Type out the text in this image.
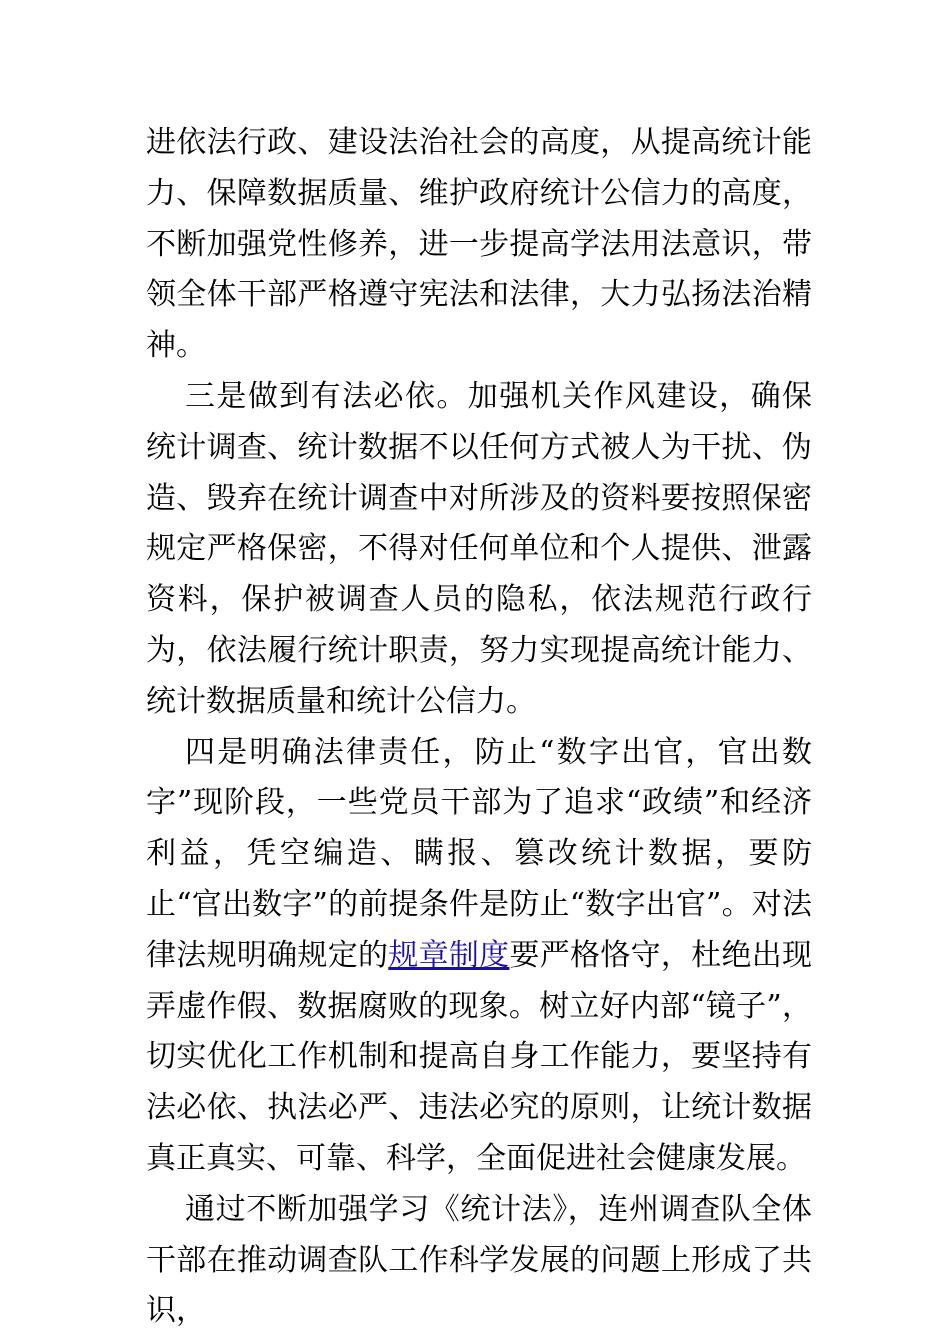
进依法行政、建设法治社会的高度，从提高统计能力、保障数据质量、维护政府统计公信力的高度，不断加强党性修养，进一步提高学法用法意识，带领全体干部严格遵守宪法和法律，大力弘扬法治精神。

三是做到有法必依。加强机关作风建设，确保统计调查、统计数据不以任何方式被人为干扰、伪造、毁弃在统计调查中对所涉及的资料要按照保密规定严格保密，不得对任何单位和个人提供、泄露资料，保护被调查人员的隐私，依法规范行政行为，依法履行统计职责，努力实现提高统计能力、统计数据质量和统计公信力。

四是明确法律责任，防止“数字出官，官出数字”现阶段，一些党员干部为了追求“政绩”和经济利益，凭空编造、瞒报、篡改统计数据，要防止“官出数字”的前提条件是防止“数字出官”。对法律法规明确规定的规章制度要严格恪守，杜绝出现弄虚作假、数据腐败的现象。树立好内部“镜子”，切实优化工作机制和提高自身工作能力，要坚持有法必依、执法必严、违法必究的原则，让统计数据真正真实、可靠、科学，全面促进社会健康发展。

通过不断加强学习《统计法》，连州调查队全体干部在推动调查队工作科学发展的问题上形成了共识，
